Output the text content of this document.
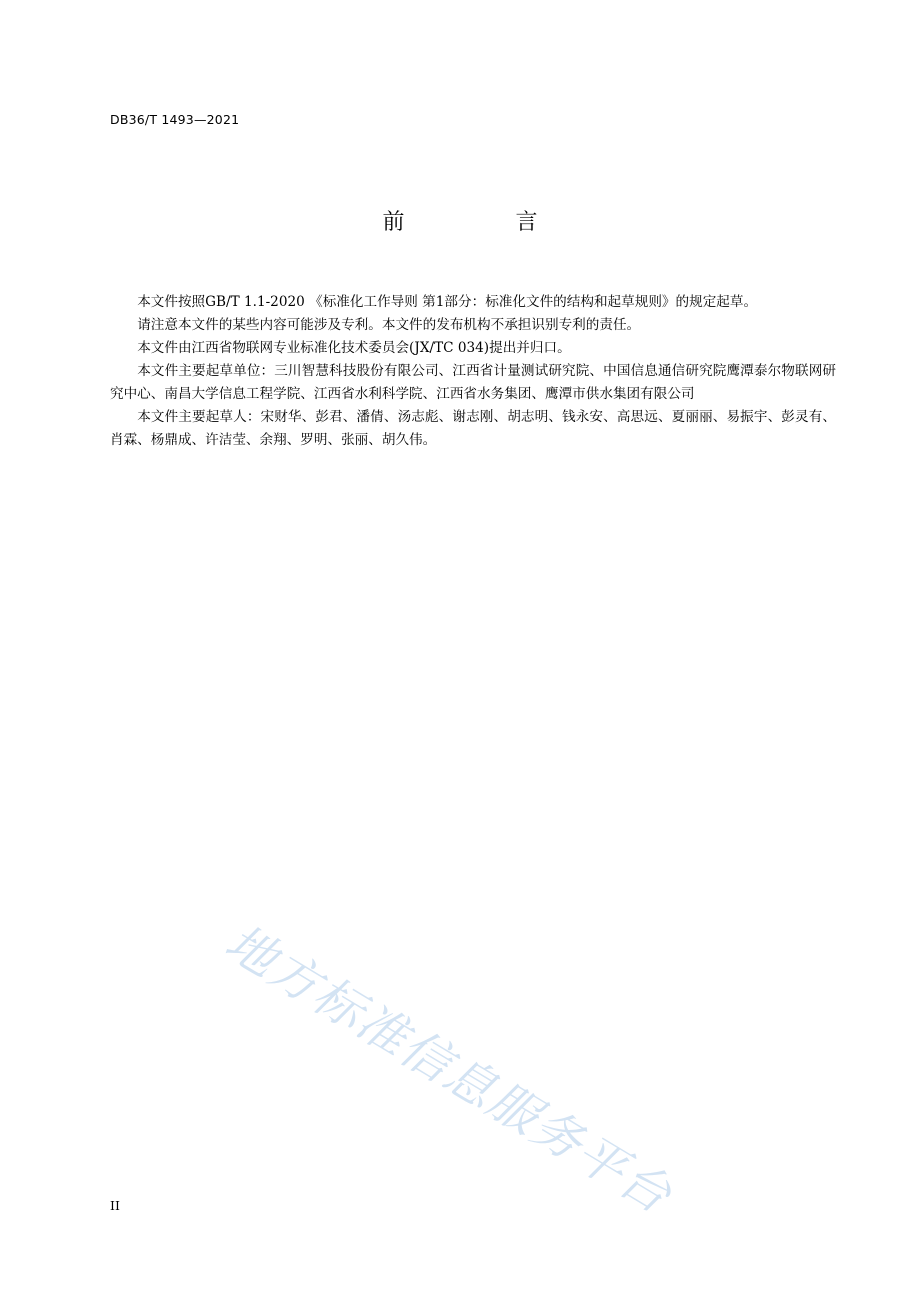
DB36/T 1493—2021
前 言

本文件按照GB/T 1.1-2020 《标准化工作导则 第1部分：标准化文件的结构和起草规则》的规定起草。

请注意本文件的某些内容可能涉及专利。本文件的发布机构不承担识别专利的责任。

本文件由江西省物联网专业标准化技术委员会(JX/TC 034)提出并归口。

本文件主要起草单位：三川智慧科技股份有限公司、江西省计量测试研究院、中国信息通信研究院鹰潭泰尔物联网研究中心、南昌大学信息工程学院、江西省水利科学院、江西省水务集团、鹰潭市供水集团有限公司

本文件主要起草人：宋财华、彭君、潘倩、汤志彪、谢志刚、胡志明、钱永安、高思远、夏丽丽、易振宇、彭灵有、肖霖、杨鼎成、许洁莹、余翔、罗明、张丽、胡久伟。

地方标准信息服务平台
II
